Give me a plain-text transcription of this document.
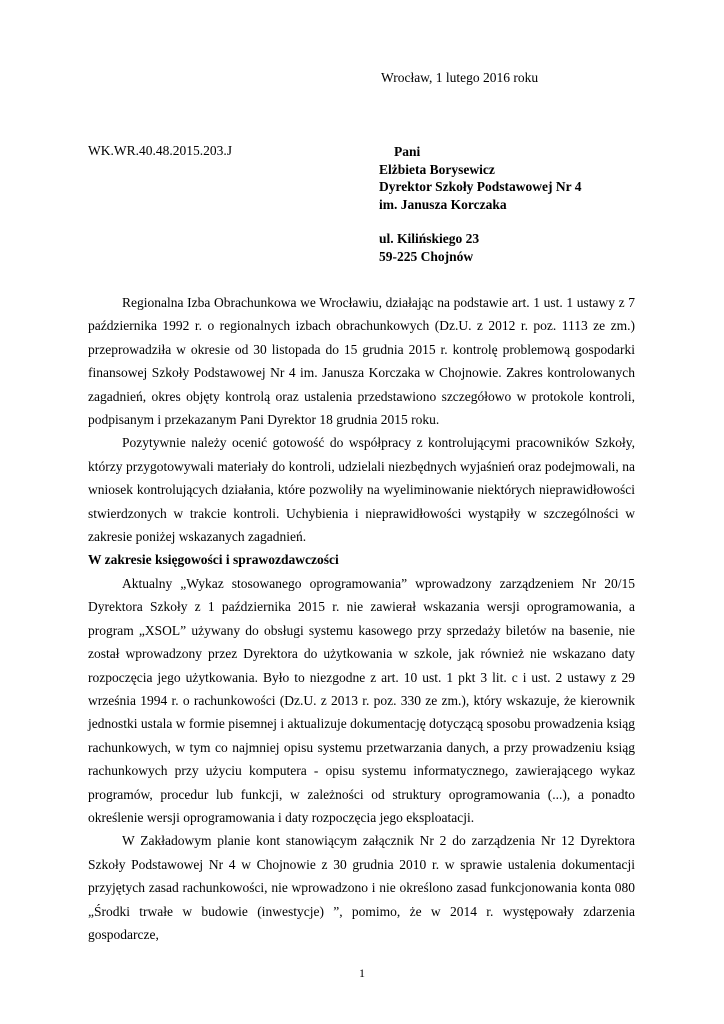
Wrocław, 1 lutego 2016 roku
WK.WR.40.48.2015.203.J	Pani
Elżbieta Borysewicz
Dyrektor Szkoły Podstawowej Nr 4
im. Janusza Korczaka
ul. Kilińskiego 23
59-225 Chojnów

Regionalna Izba Obrachunkowa we Wrocławiu, działając na podstawie art. 1 ust. 1 ustawy z 7 października 1992 r. o regionalnych izbach obrachunkowych (Dz.U. z 2012 r. poz. 1113 ze zm.) przeprowadziła w okresie od 30 listopada do 15 grudnia 2015 r. kontrolę problemową gospodarki finansowej Szkoły Podstawowej Nr 4 im. Janusza Korczaka w Chojnowie. Zakres kontrolowanych zagadnień, okres objęty kontrolą oraz ustalenia przedstawiono szczegółowo w protokole kontroli, podpisanym i przekazanym Pani Dyrektor 18 grudnia 2015 roku.

Pozytywnie należy ocenić gotowość do współpracy z kontrolującymi pracowników Szkoły, którzy przygotowywali materiały do kontroli, udzielali niezbędnych wyjaśnień oraz podejmowali, na wniosek kontrolujących działania, które pozwoliły na wyeliminowanie niektórych nieprawidłowości stwierdzonych w trakcie kontroli. Uchybienia i nieprawidłowości wystąpiły w szczególności w zakresie poniżej wskazanych zagadnień.

W zakresie księgowości i sprawozdawczości

Aktualny „Wykaz stosowanego oprogramowania” wprowadzony zarządzeniem Nr 20/15 Dyrektora Szkoły z 1 października 2015 r. nie zawierał wskazania wersji oprogramowania, a program „XSOL” używany do obsługi systemu kasowego przy sprzedaży biletów na basenie, nie został wprowadzony przez Dyrektora do użytkowania w szkole, jak również nie wskazano daty rozpoczęcia jego użytkowania. Było to niezgodne z art. 10 ust. 1 pkt 3 lit. c i ust. 2 ustawy z 29 września 1994 r. o rachunkowości (Dz.U. z 2013 r. poz. 330 ze zm.), który wskazuje, że kierownik jednostki ustala w formie pisemnej i aktualizuje dokumentację dotyczącą sposobu prowadzenia ksiąg rachunkowych, w tym co najmniej opisu systemu przetwarzania danych, a przy prowadzeniu ksiąg rachunkowych przy użyciu komputera - opisu systemu informatycznego, zawierającego wykaz programów, procedur lub funkcji, w zależności od struktury oprogramowania (...), a ponadto określenie wersji oprogramowania i daty rozpoczęcia jego eksploatacji.

W Zakładowym planie kont stanowiącym załącznik Nr 2 do zarządzenia Nr 12 Dyrektora Szkoły Podstawowej Nr 4 w Chojnowie z 30 grudnia 2010 r. w sprawie ustalenia dokumentacji przyjętych zasad rachunkowości, nie wprowadzono i nie określono zasad funkcjonowania konta 080 „Środki trwałe w budowie (inwestycje) ”, pomimo, że w 2014 r. występowały zdarzenia gospodarcze,

1
